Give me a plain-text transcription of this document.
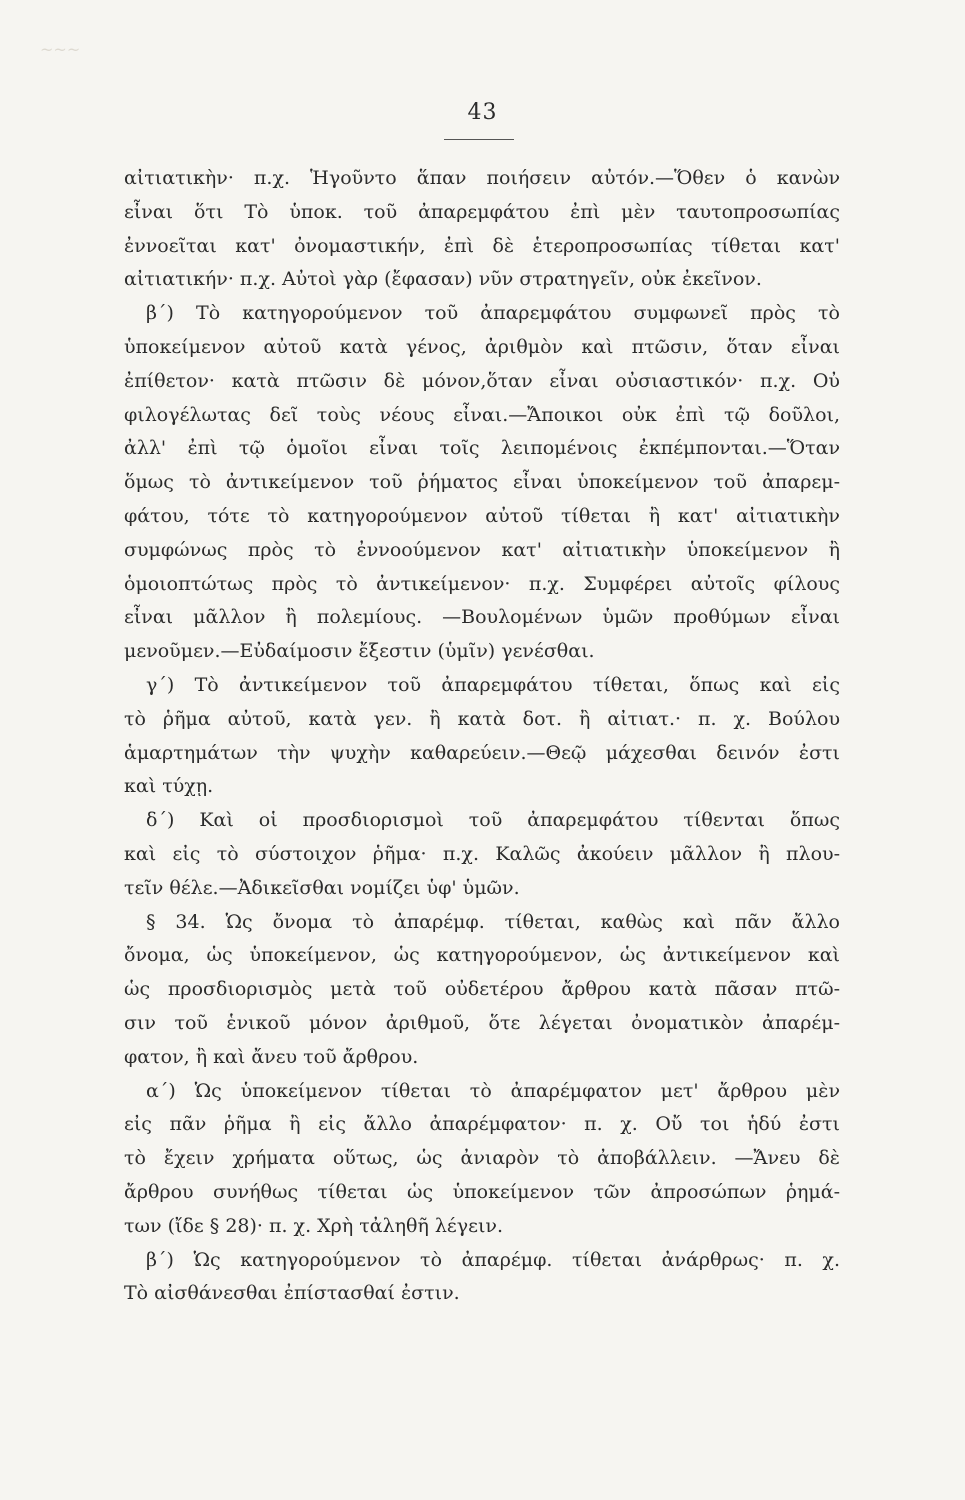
~~~
43
αἰτιατικὴν· π.χ. Ἡγοῦντο ἅπαν ποιήσειν αὐτόν.—Ὅθεν ὁ κανὼν
εἶναι ὅτι Τὸ ὑποκ. τοῦ ἀπαρεμφάτου ἐπὶ μὲν ταυτοπροσωπίας
ἐννοεῖται κατ' ὀνομαστικήν, ἐπὶ δὲ ἑτεροπροσωπίας τίθεται κατ'
αἰτιατικήν· π.χ. Αὐτοὶ γὰρ (ἔφασαν) νῦν στρατηγεῖν, οὐκ ἐκεῖνον.
β΄) Τὸ κατηγορούμενον τοῦ ἀπαρεμφάτου συμφωνεῖ πρὸς τὸ
ὑποκείμενον αὐτοῦ κατὰ γένος, ἀριθμὸν καὶ πτῶσιν, ὅταν εἶναι
ἐπίθετον· κατὰ πτῶσιν δὲ μόνον,ὅταν εἶναι οὐσιαστικόν· π.χ. Οὐ
φιλογέλωτας δεῖ τοὺς νέους εἶναι.—Ἄποικοι οὐκ ἐπὶ τῷ δοῦλοι,
ἀλλ' ἐπὶ τῷ ὁμοῖοι εἶναι τοῖς λειπομένοις ἐκπέμπονται.—Ὅταν
ὅμως τὸ ἀντικείμενον τοῦ ῥήματος εἶναι ὑποκείμενον τοῦ ἀπαρεμ-
φάτου, τότε τὸ κατηγορούμενον αὐτοῦ τίθεται ἢ κατ' αἰτιατικὴν
συμφώνως πρὸς τὸ ἐννοούμενον κατ' αἰτιατικὴν ὑποκείμενον ἢ
ὁμοιοπτώτως πρὸς τὸ ἀντικείμενον· π.χ. Συμφέρει αὐτοῖς φίλους
εἶναι μᾶλλον ἢ πολεμίους. —Βουλομένων ὑμῶν προθύμων εἶναι
μενοῦμεν.—Εὐδαίμοσιν ἔξεστιν (ὑμῖν) γενέσθαι.
γ΄) Τὸ ἀντικείμενον τοῦ ἀπαρεμφάτου τίθεται, ὅπως καὶ εἰς
τὸ ῥῆμα αὐτοῦ, κατὰ γεν. ἢ κατὰ δοτ. ἢ αἰτιατ.· π. χ. Βούλου
ἁμαρτημάτων τὴν ψυχὴν καθαρεύειν.—Θεῷ μάχεσθαι δεινόν ἐστι
καὶ τύχῃ.
δ΄) Καὶ οἱ προσδιορισμοὶ τοῦ ἀπαρεμφάτου τίθενται ὅπως
καὶ εἰς τὸ σύστοιχον ῥῆμα· π.χ. Καλῶς ἀκούειν μᾶλλον ἢ πλου-
τεῖν θέλε.—Ἀδικεῖσθαι νομίζει ὑφ' ὑμῶν.
§ 34. Ὡς ὄνομα τὸ ἀπαρέμφ. τίθεται, καθὼς καὶ πᾶν ἄλλο
ὄνομα, ὡς ὑποκείμενον, ὡς κατηγορούμενον, ὡς ἀντικείμενον καὶ
ὡς προσδιορισμὸς μετὰ τοῦ οὐδετέρου ἄρθρου κατὰ πᾶσαν πτῶ-
σιν τοῦ ἑνικοῦ μόνον ἀριθμοῦ, ὅτε λέγεται ὀνοματικὸν ἀπαρέμ-
φατον, ἢ καὶ ἄνευ τοῦ ἄρθρου.
α΄) Ὡς ὑποκείμενον τίθεται τὸ ἀπαρέμφατον μετ' ἄρθρου μὲν
εἰς πᾶν ῥῆμα ἢ εἰς ἄλλο ἀπαρέμφατον· π. χ. Οὔ τοι ἡδύ ἐστι
τὸ ἔχειν χρήματα οὕτως, ὡς ἀνιαρὸν τὸ ἀποβάλλειν. —Ἄνευ δὲ
ἄρθρου συνήθως τίθεται ὡς ὑποκείμενον τῶν ἀπροσώπων ῥημά-
των (ἴδε § 28)· π. χ. Χρὴ τἀληθῆ λέγειν.
β΄) Ὡς κατηγορούμενον τὸ ἀπαρέμφ. τίθεται ἀνάρθρως· π. χ.
Τὸ αἰσθάνεσθαι ἐπίστασθαί ἐστιν.
